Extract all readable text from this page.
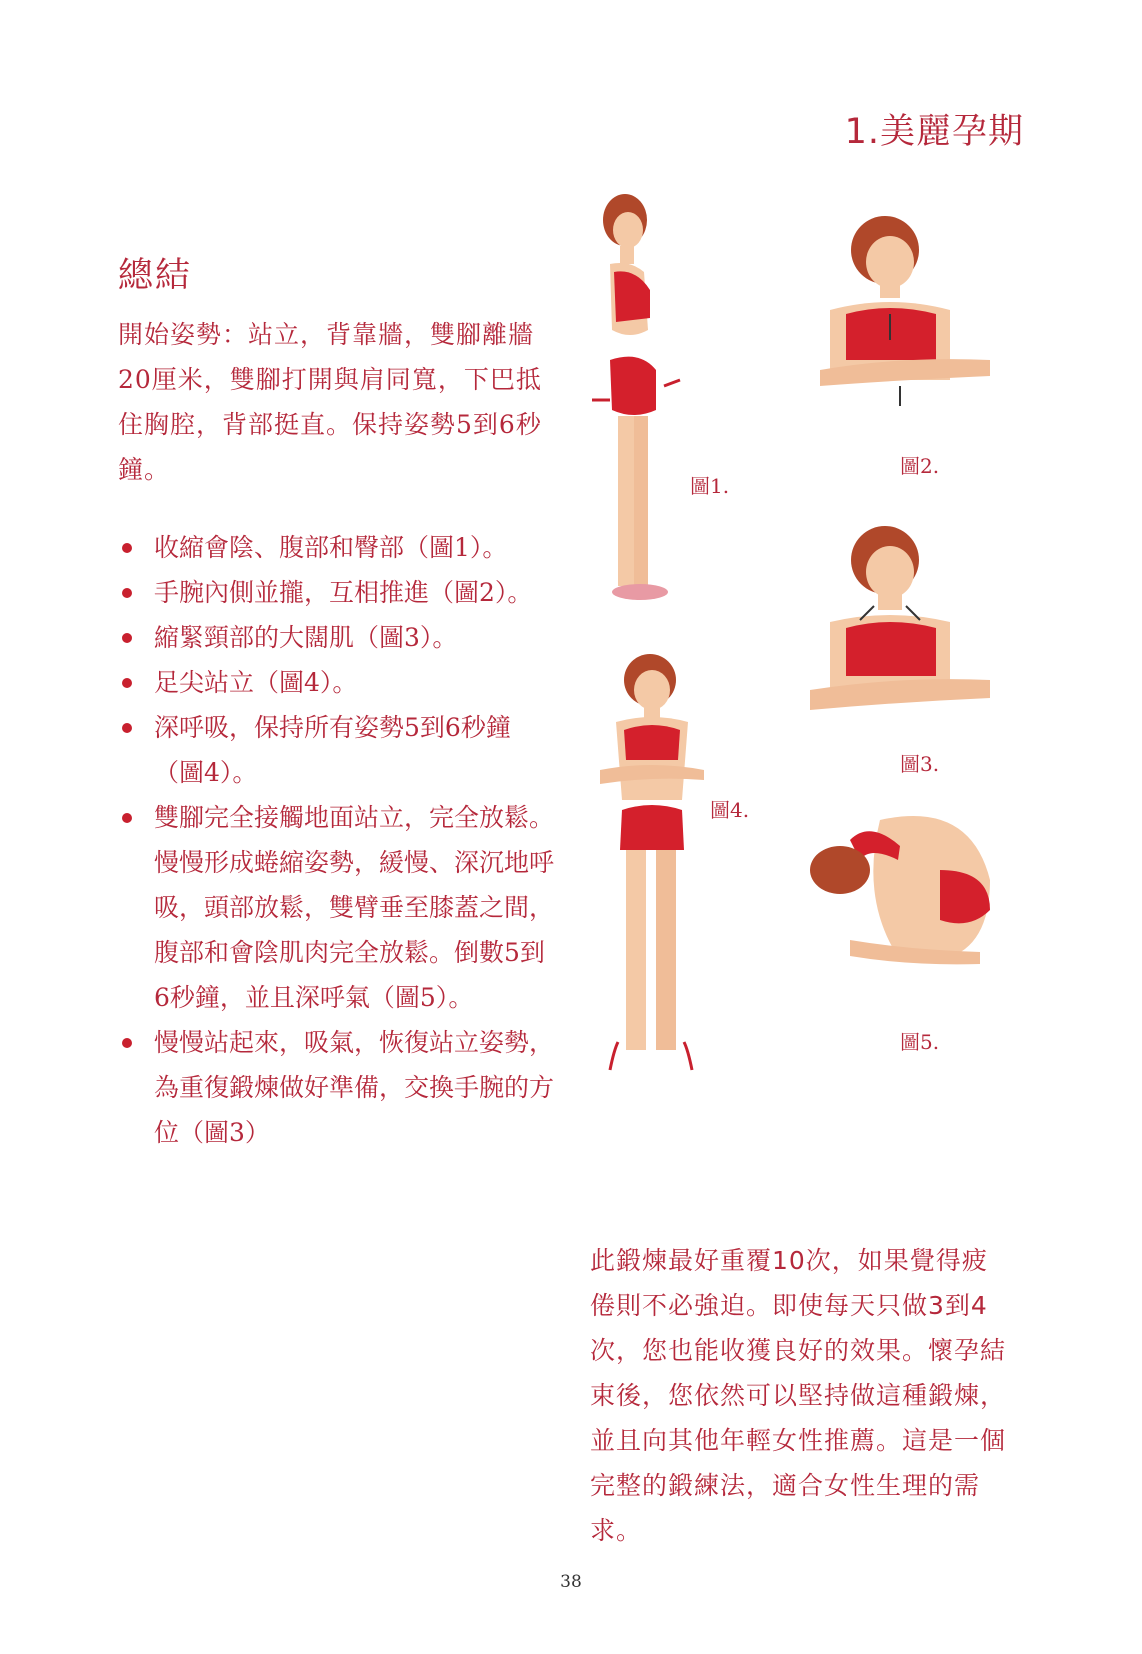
1.美麗孕期
總結
開始姿勢：站立，背靠牆，雙腳離牆20厘米，雙腳打開與肩同寬，下巴抵住胸腔，背部挺直。保持姿勢5到6秒鐘。
收縮會陰、腹部和臀部（圖1）。
手腕內側並攏，互相推進（圖2）。
縮緊頸部的大闊肌（圖3）。
足尖站立（圖4）。
深呼吸，保持所有姿勢5到6秒鐘（圖4）。
雙腳完全接觸地面站立，完全放鬆。慢慢形成蜷縮姿勢，緩慢、深沉地呼吸，頭部放鬆，雙臂垂至膝蓋之間，腹部和會陰肌肉完全放鬆。倒數5到6秒鐘，並且深呼氣（圖5）。
慢慢站起來，吸氣，恢復站立姿勢，為重復鍛煉做好準備，交換手腕的方位（圖3）
圖1.
圖2.
圖3.
圖4.
圖5.
此鍛煉最好重覆10次，如果覺得疲倦則不必強迫。即使每天只做3到4次，您也能收獲良好的效果。懷孕結束後，您依然可以堅持做這種鍛煉，並且向其他年輕女性推薦。這是一個完整的鍛練法，適合女性生理的需求。
38
